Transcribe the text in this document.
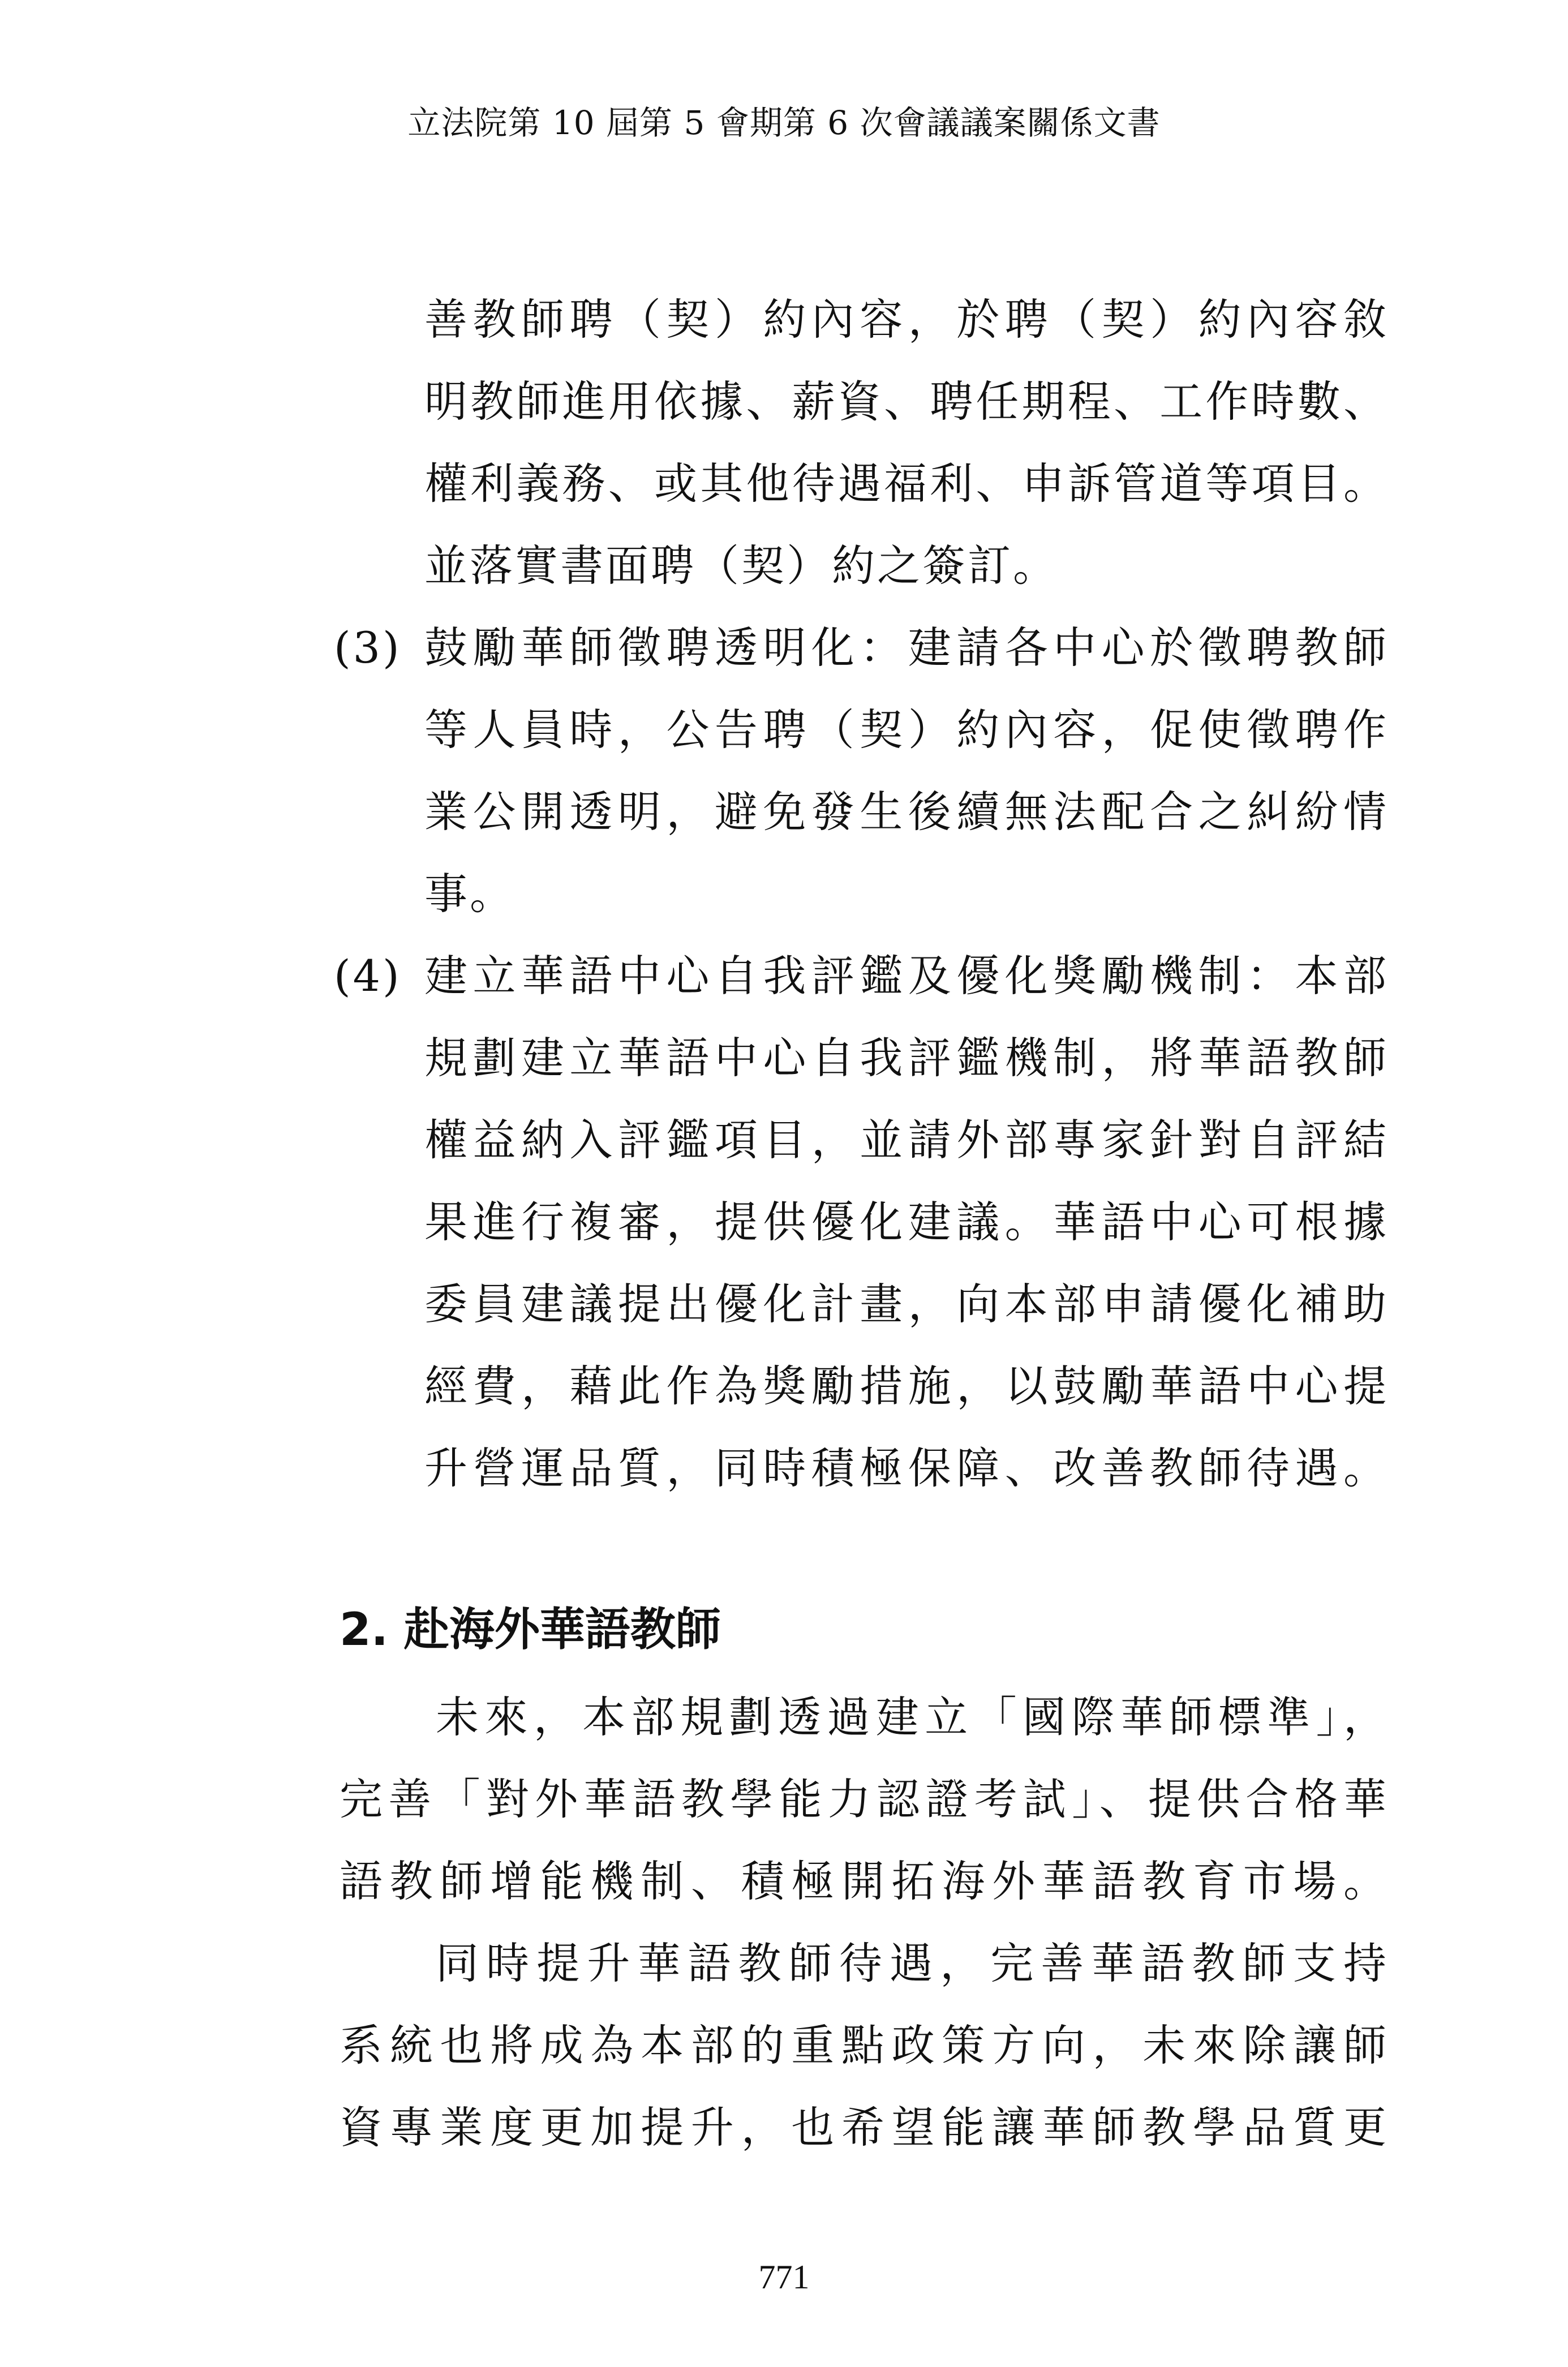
立法院第 10 屆第 5 會期第 6 次會議議案關係文書
善教師聘（契）約內容，於聘（契）約內容敘
明教師進用依據、薪資、聘任期程、工作時數、
權利義務、或其他待遇福利、申訴管道等項目。
並落實書面聘（契）約之簽訂。
(3) 鼓勵華師徵聘透明化：建請各中心於徵聘教師
等人員時，公告聘（契）約內容，促使徵聘作
業公開透明，避免發生後續無法配合之糾紛情
事。
(4) 建立華語中心自我評鑑及優化獎勵機制：本部
規劃建立華語中心自我評鑑機制，將華語教師
權益納入評鑑項目，並請外部專家針對自評結
果進行複審，提供優化建議。華語中心可根據
委員建議提出優化計畫，向本部申請優化補助
經費，藉此作為獎勵措施，以鼓勵華語中心提
升營運品質，同時積極保障、改善教師待遇。
2. 赴海外華語教師
未來，本部規劃透過建立「國際華師標準」，
完善「對外華語教學能力認證考試」、提供合格華
語教師增能機制、積極開拓海外華語教育市場。
同時提升華語教師待遇，完善華語教師支持
系統也將成為本部的重點政策方向，未來除讓師
資專業度更加提升，也希望能讓華師教學品質更
771
